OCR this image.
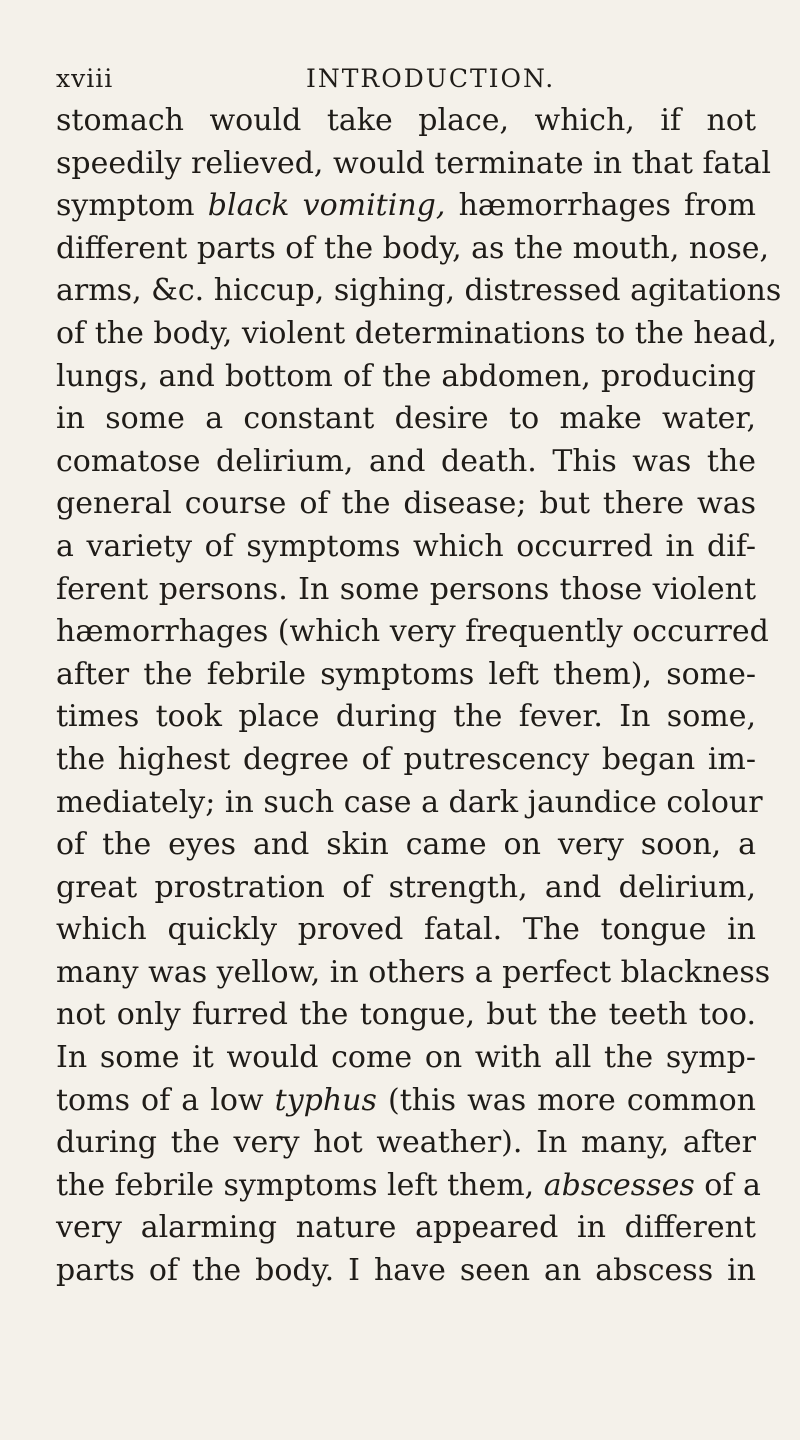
xviii	INTRODUCTION.
stomach would take place, which, if not
speedily relieved, would terminate in that fatal
symptom black vomiting, hæmorrhages from
different parts of the body, as the mouth, nose,
arms, &c. hiccup, sighing, distressed agitations
of the body, violent determinations to the head,
lungs, and bottom of the abdomen, producing
in some a constant desire to make water,
comatose delirium, and death. This was the
general course of the disease; but there was
a variety of symptoms which occurred in dif-
ferent persons. In some persons those violent
hæmorrhages (which very frequently occurred
after the febrile symptoms left them), some-
times took place during the fever. In some,
the highest degree of putrescency began im-
mediately; in such case a dark jaundice colour
of the eyes and skin came on very soon, a
great prostration of strength, and delirium,
which quickly proved fatal. The tongue in
many was yellow, in others a perfect blackness
not only furred the tongue, but the teeth too.
In some it would come on with all the symp-
toms of a low typhus (this was more common
during the very hot weather). In many, after
the febrile symptoms left them, abscesses of a
very alarming nature appeared in different
parts of the body. I have seen an abscess in
